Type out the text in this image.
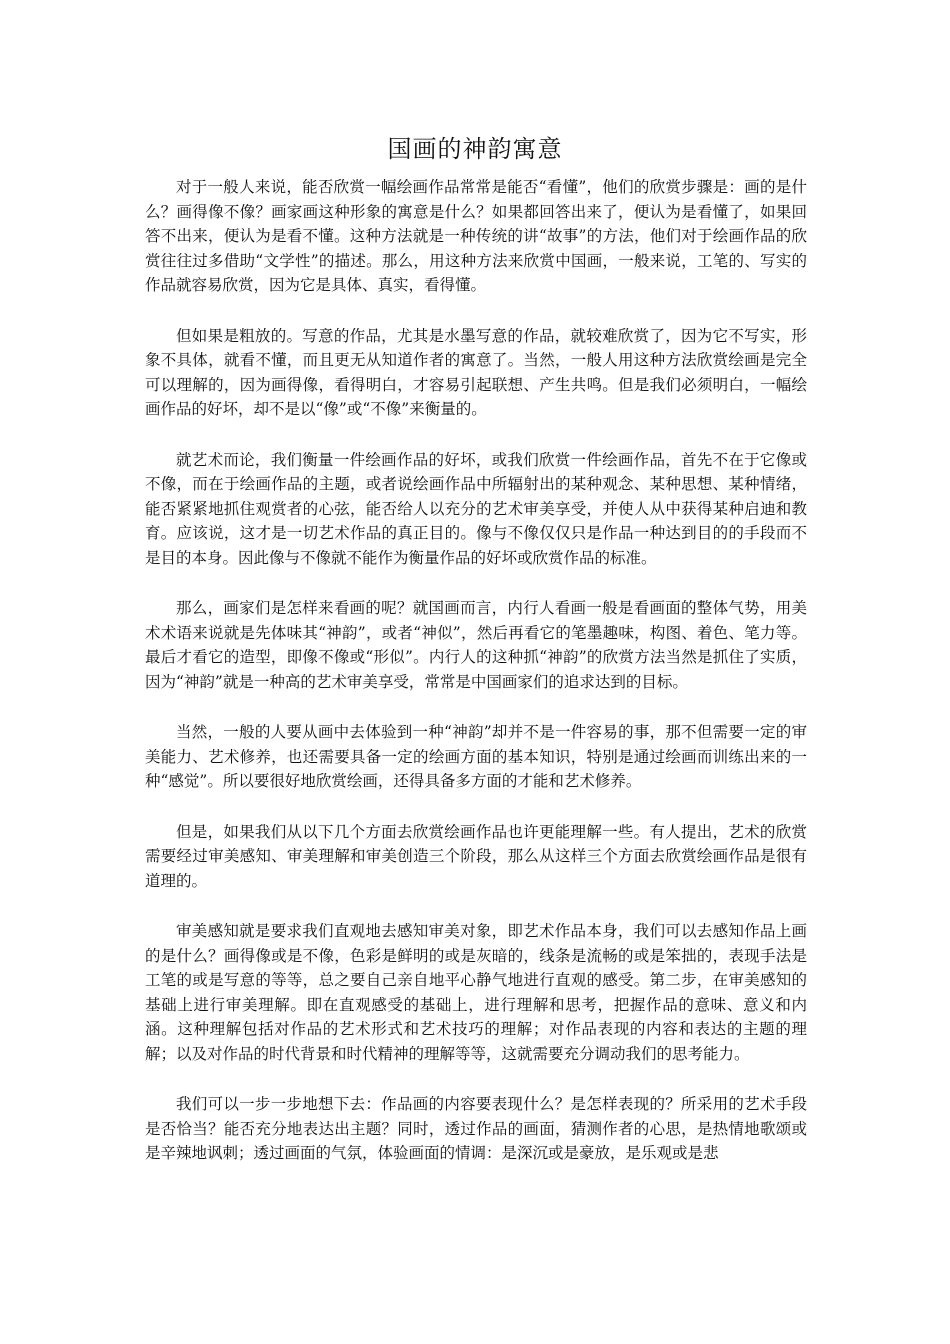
国画的神韵寓意

对于一般人来说，能否欣赏一幅绘画作品常常是能否“看懂”，他们的欣赏步骤是：画的是什么？画得像不像？画家画这种形象的寓意是什么？如果都回答出来了，便认为是看懂了，如果回答不出来，便认为是看不懂。这种方法就是一种传统的讲“故事”的方法，他们对于绘画作品的欣赏往往过多借助“文学性”的描述。那么，用这种方法来欣赏中国画，一般来说，工笔的、写实的作品就容易欣赏，因为它是具体、真实，看得懂。

但如果是粗放的。写意的作品，尤其是水墨写意的作品，就较难欣赏了，因为它不写实，形象不具体，就看不懂，而且更无从知道作者的寓意了。当然，一般人用这种方法欣赏绘画是完全可以理解的，因为画得像，看得明白，才容易引起联想、产生共鸣。但是我们必须明白，一幅绘画作品的好坏，却不是以“像”或“不像”来衡量的。

就艺术而论，我们衡量一件绘画作品的好坏，或我们欣赏一件绘画作品，首先不在于它像或不像，而在于绘画作品的主题，或者说绘画作品中所辐射出的某种观念、某种思想、某种情绪，能否紧紧地抓住观赏者的心弦，能否给人以充分的艺术审美享受，并使人从中获得某种启迪和教育。应该说，这才是一切艺术作品的真正目的。像与不像仅仅只是作品一种达到目的的手段而不是目的本身。因此像与不像就不能作为衡量作品的好坏或欣赏作品的标准。

那么，画家们是怎样来看画的呢？就国画而言，内行人看画一般是看画面的整体气势，用美术术语来说就是先体味其“神韵”，或者“神似”，然后再看它的笔墨趣味，构图、着色、笔力等。最后才看它的造型，即像不像或“形似”。内行人的这种抓“神韵”的欣赏方法当然是抓住了实质，因为“神韵”就是一种高的艺术审美享受，常常是中国画家们的追求达到的目标。

当然，一般的人要从画中去体验到一种“神韵”却并不是一件容易的事，那不但需要一定的审美能力、艺术修养，也还需要具备一定的绘画方面的基本知识，特别是通过绘画而训练出来的一种“感觉”。所以要很好地欣赏绘画，还得具备多方面的才能和艺术修养。

但是，如果我们从以下几个方面去欣赏绘画作品也许更能理解一些。有人提出，艺术的欣赏需要经过审美感知、审美理解和审美创造三个阶段，那么从这样三个方面去欣赏绘画作品是很有道理的。

审美感知就是要求我们直观地去感知审美对象，即艺术作品本身，我们可以去感知作品上画的是什么？画得像或是不像，色彩是鲜明的或是灰暗的，线条是流畅的或是笨拙的，表现手法是工笔的或是写意的等等，总之要自己亲自地平心静气地进行直观的感受。第二步，在审美感知的基础上进行审美理解。即在直观感受的基础上，进行理解和思考，把握作品的意味、意义和内涵。这种理解包括对作品的艺术形式和艺术技巧的理解；对作品表现的内容和表达的主题的理解；以及对作品的时代背景和时代精神的理解等等，这就需要充分调动我们的思考能力。

我们可以一步一步地想下去：作品画的内容要表现什么？是怎样表现的？所采用的艺术手段是否恰当？能否充分地表达出主题？同时，透过作品的画面，猜测作者的心思，是热情地歌颂或是辛辣地讽刺；透过画面的气氛，体验画面的情调：是深沉或是豪放，是乐观或是悲
